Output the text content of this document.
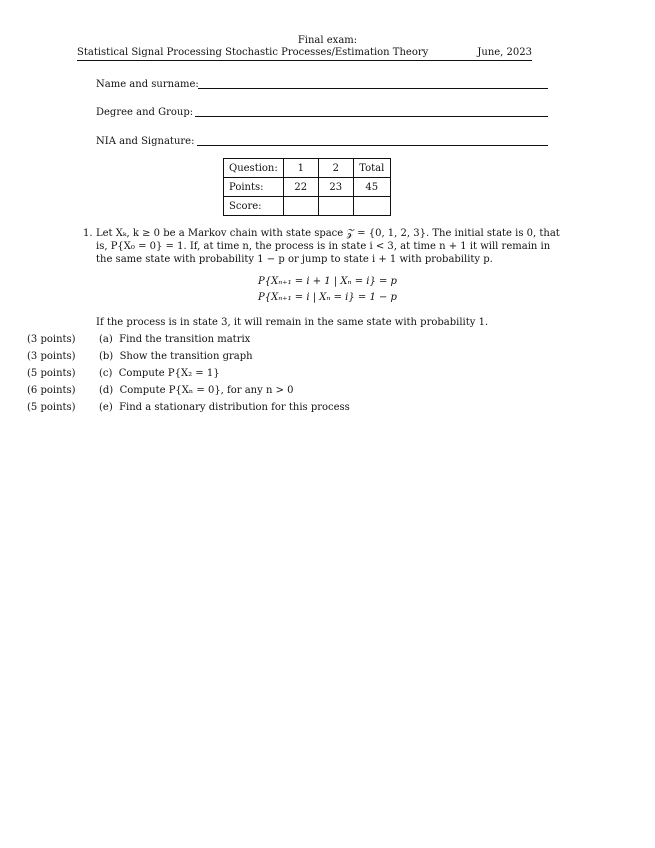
Final exam:
Statistical Signal Processing Stochastic Processes/Estimation Theory	June, 2023
Name and surname:
Degree and Group:
NIA and Signature:
Question:	1	2	Total
Points:	22	23	45
Score:			
1. Let Xₖ, k ≥ 0 be a Markov chain with state space 𝒵 = {0, 1, 2, 3}. The initial state is 0, that
is, P{X₀ = 0} = 1. If, at time n, the process is in state i < 3, at time n + 1 it will remain in
the same state with probability 1 − p or jump to state i + 1 with probability p.
P{Xₙ₊₁ = i + 1 | Xₙ = i} = p
P{Xₙ₊₁ = i | Xₙ = i} = 1 − p
If the process is in state 3, it will remain in the same state with probability 1.
(3 points) (a) Find the transition matrix
(3 points) (b) Show the transition graph
(5 points) (c) Compute P{X₂ = 1}
(6 points) (d) Compute P{Xₙ = 0}, for any n > 0
(5 points) (e) Find a stationary distribution for this process
